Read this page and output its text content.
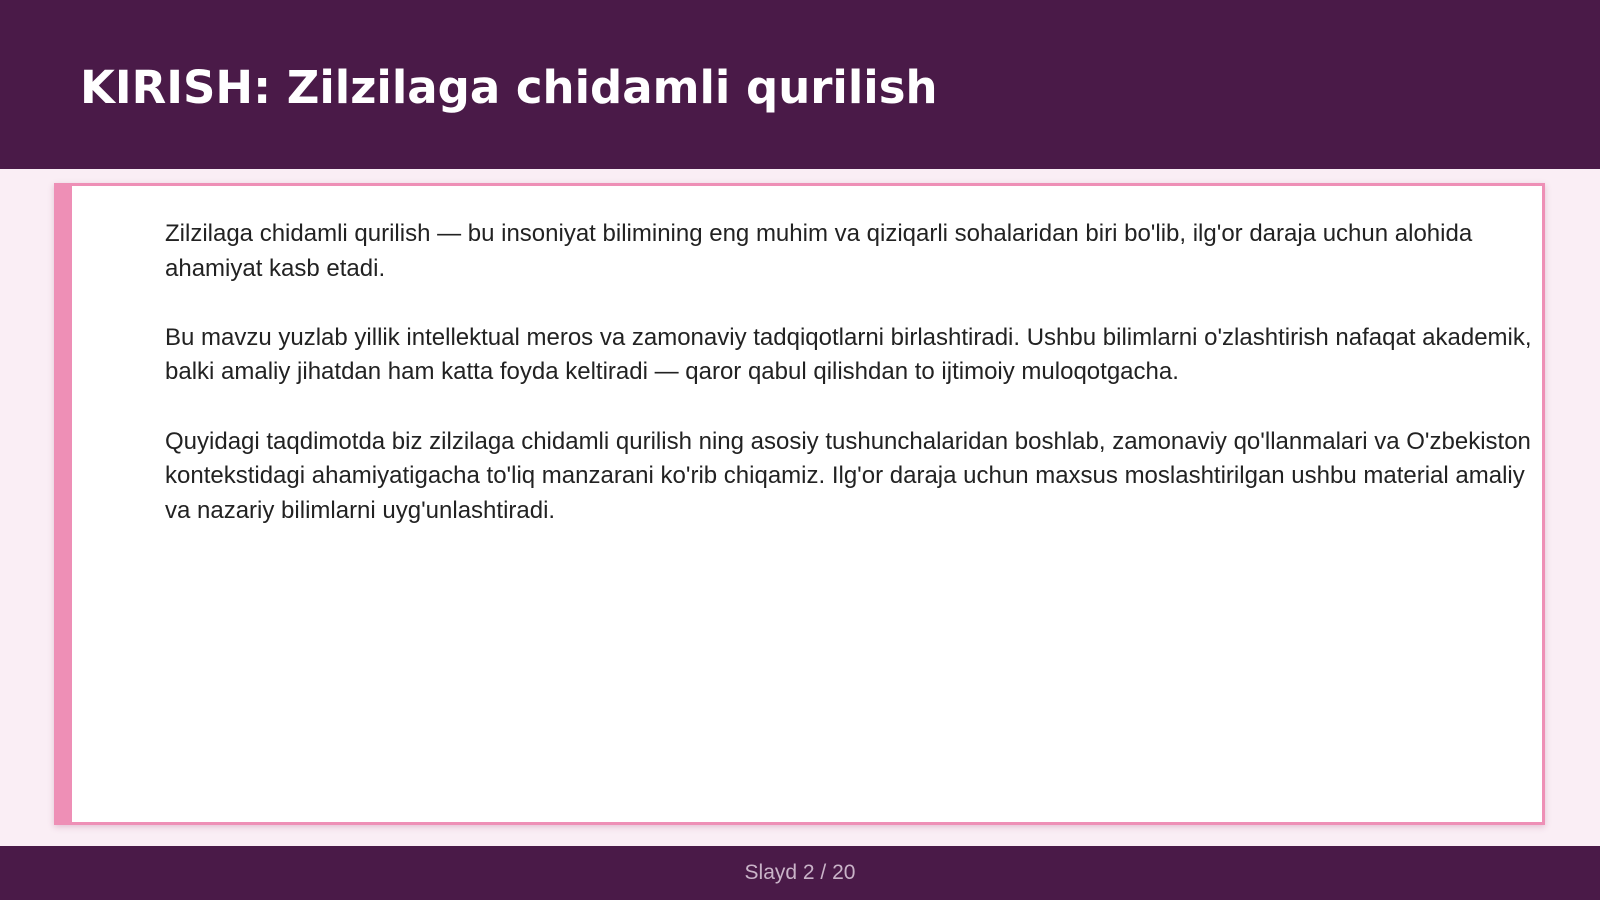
KIRISH: Zilzilaga chidamli qurilish

Zilzilaga chidamli qurilish — bu insoniyat bilimining eng muhim va qiziqarli sohalaridan biri bo'lib, ilg'or daraja uchun alohida ahamiyat kasb etadi.

Bu mavzu yuzlab yillik intellektual meros va zamonaviy tadqiqotlarni birlashtiradi. Ushbu bilimlarni o'zlashtirish nafaqat akademik, balki amaliy jihatdan ham katta foyda keltiradi — qaror qabul qilishdan to ijtimoiy muloqotgacha.

Quyidagi taqdimotda biz zilzilaga chidamli qurilish ning asosiy tushunchalaridan boshlab, zamonaviy qo'llanmalari va O'zbekiston kontekstidagi ahamiyatigacha to'liq manzarani ko'rib chiqamiz. Ilg'or daraja uchun maxsus moslashtirilgan ushbu material amaliy va nazariy bilimlarni uyg'unlashtiradi.

Slayd 2 / 20
